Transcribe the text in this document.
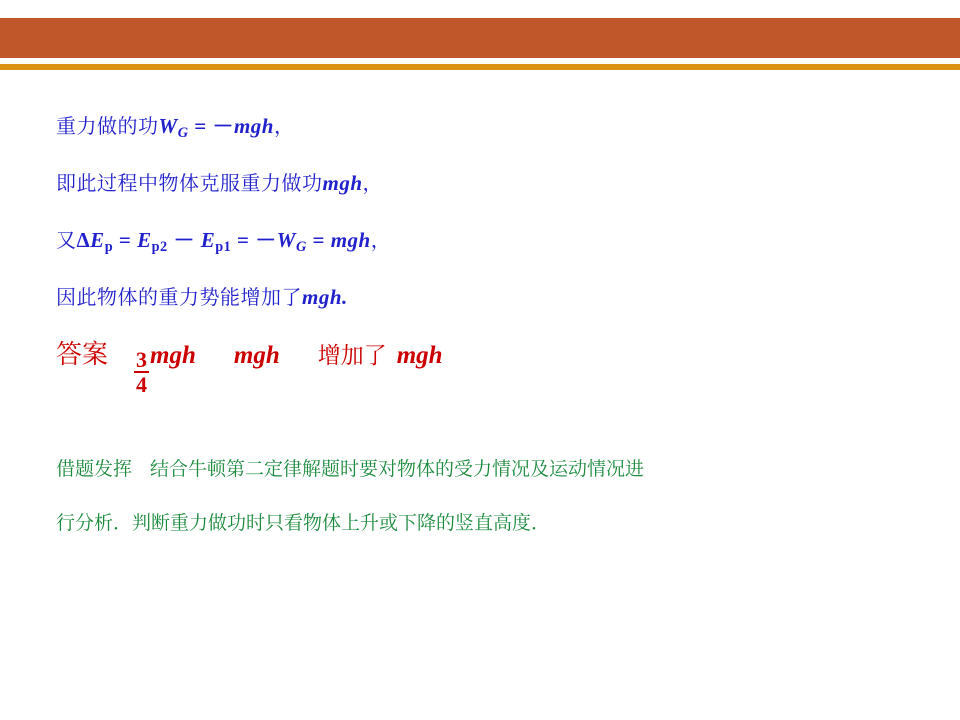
重力做的功$W_G = -mgh$，
即此过程中物体克服重力做功mgh，
又$\Delta E_p = E_{p2} - E_{p1} = -W_G$ = mgh，
因此物体的重力势能增加了mgh.
答案 $\frac{3}{4}$ mgh mgh 增加了 mgh
借题发挥 结合牛顿第二定律解题时要对物体的受力情况及运动情况进
行分析．判断重力做功时只看物体上升或下降的竖直高度．
